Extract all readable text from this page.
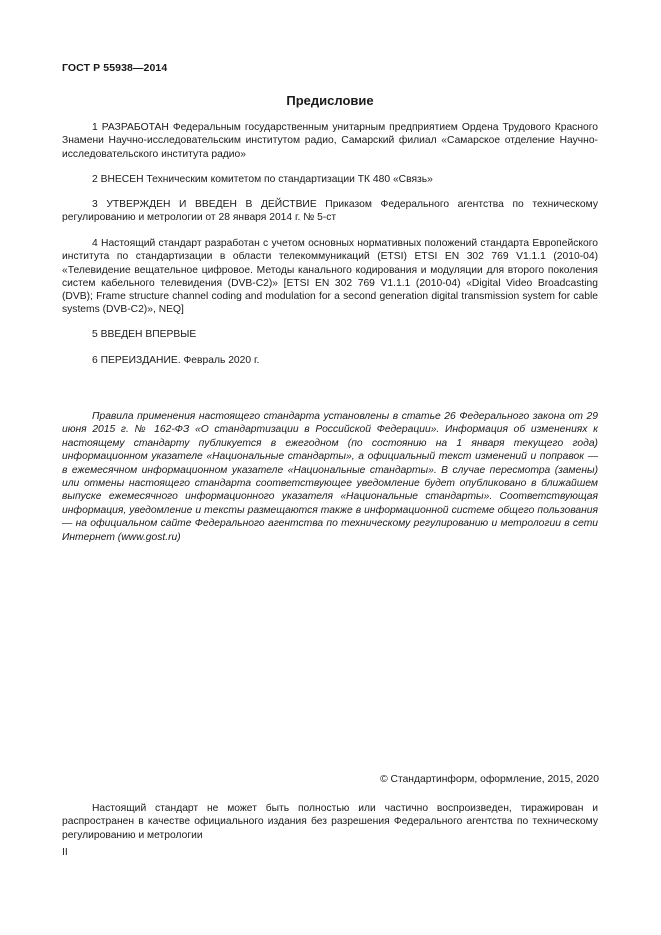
ГОСТ Р 55938—2014
Предисловие

1 РАЗРАБОТАН Федеральным государственным унитарным предприятием Ордена Трудового Красного Знамени Научно-исследовательским институтом радио, Самарский филиал «Самарское отделение Научно-исследовательского института радио»

2 ВНЕСЕН Техническим комитетом по стандартизации ТК 480 «Связь»

3 УТВЕРЖДЕН И ВВЕДЕН В ДЕЙСТВИЕ Приказом Федерального агентства по техническому регулированию и метрологии от 28 января 2014 г. № 5-ст

4 Настоящий стандарт разработан с учетом основных нормативных положений стандарта Европейского института по стандартизации в области телекоммуникаций (ETSI) ETSI EN 302 769 V1.1.1 (2010-04) «Телевидение вещательное цифровое. Методы канального кодирования и модуляции для второго поколения систем кабельного телевидения (DVB-C2)» [ETSI EN 302 769 V1.1.1 (2010-04) «Digital Video Broadcasting (DVB); Frame structure channel coding and modulation for a second generation digital transmission system for cable systems (DVB-C2)», NEQ]

5 ВВЕДЕН ВПЕРВЫЕ

6 ПЕРЕИЗДАНИЕ. Февраль 2020 г.

Правила применения настоящего стандарта установлены в статье 26 Федерального закона от 29 июня 2015 г. № 162-ФЗ «О стандартизации в Российской Федерации». Информация об изменениях к настоящему стандарту публикуется в ежегодном (по состоянию на 1 января текущего года) информационном указателе «Национальные стандарты», а официальный текст изменений и поправок — в ежемесячном информационном указателе «Национальные стандарты». В случае пересмотра (замены) или отмены настоящего стандарта соответствующее уведомление будет опубликовано в ближайшем выпуске ежемесячного информационного указателя «Национальные стандарты». Соответствующая информация, уведомление и тексты размещаются также в информационной системе общего пользования — на официальном сайте Федерального агентства по техническому регулированию и метрологии в сети Интернет (www.gost.ru)

© Стандартинформ, оформление, 2015, 2020

Настоящий стандарт не может быть полностью или частично воспроизведен, тиражирован и распространен в качестве официального издания без разрешения Федерального агентства по техническому регулированию и метрологии

II
